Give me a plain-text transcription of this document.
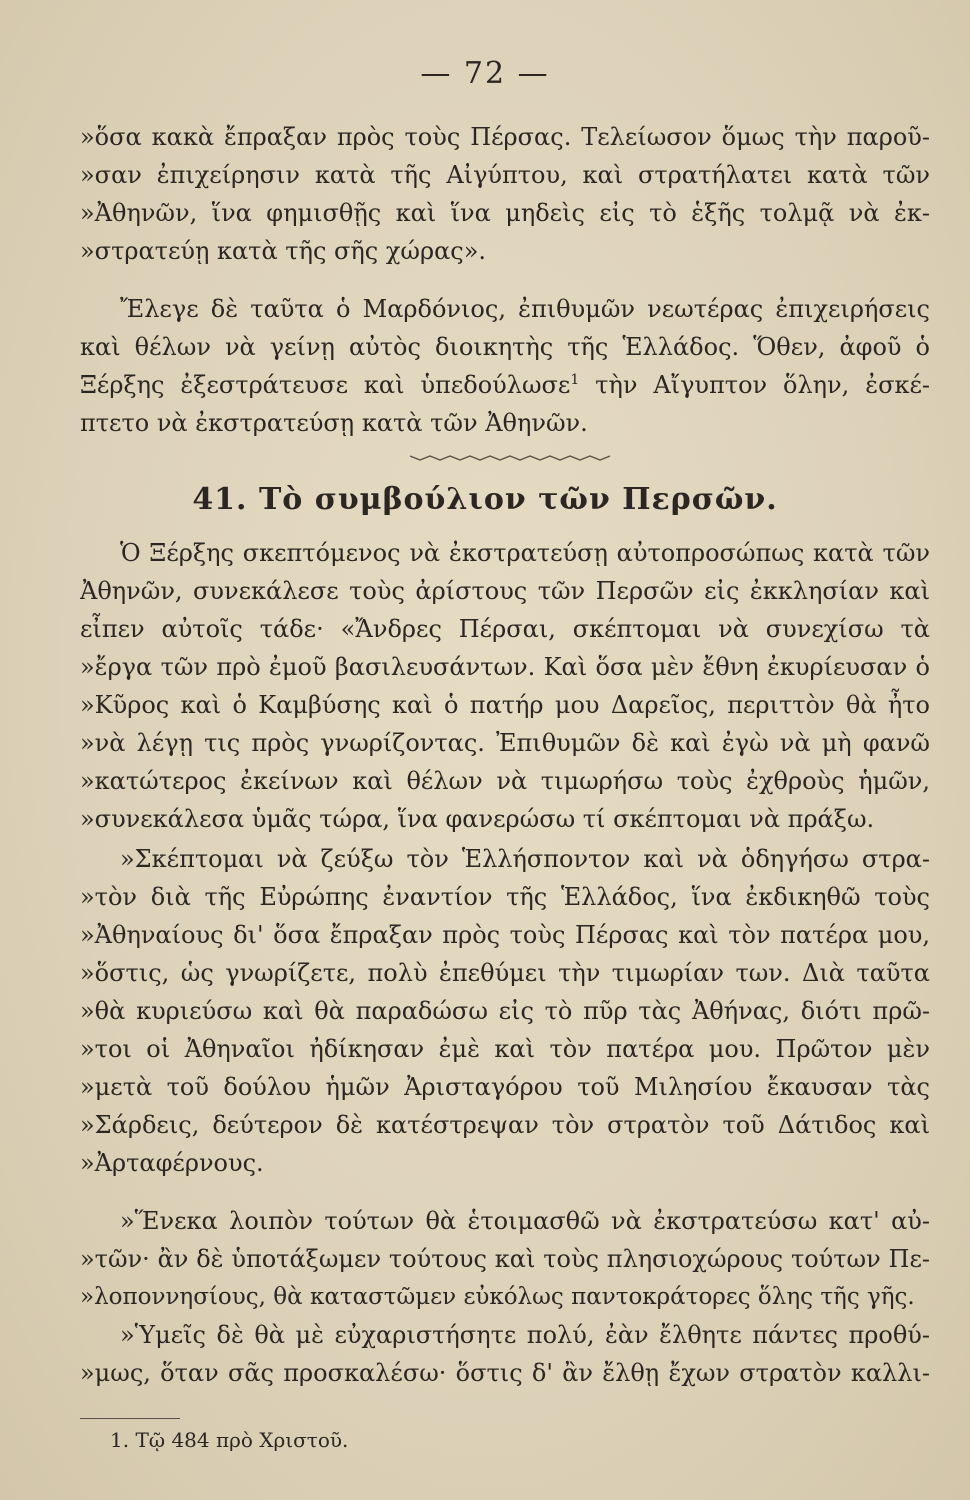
— 72 —
»ὅσα κακὰ ἔπραξαν πρὸς τοὺς Πέρσας. Τελείωσον ὅμως τὴν παροῦ-
»σαν ἐπιχείρησιν κατὰ τῆς Αἰγύπτου, καὶ στρατήλατει κατὰ τῶν
»Ἀθηνῶν, ἵνα φημισθῇς καὶ ἵνα μηδεὶς εἰς τὸ ἑξῆς τολμᾷ νὰ ἐκ-
»στρατεύῃ κατὰ τῆς σῆς χώρας».
Ἔλεγε δὲ ταῦτα ὁ Μαρδόνιος, ἐπιθυμῶν νεωτέρας ἐπιχειρήσεις
καὶ θέλων νὰ γείνῃ αὐτὸς διοικητὴς τῆς Ἑλλάδος. Ὅθεν, ἀφοῦ ὁ
Ξέρξης ἐξεστράτευσε καὶ ὑπεδούλωσε$^1$ τὴν Αἴγυπτον ὅλην, ἐσκέ-
πτετο νὰ ἐκστρατεύσῃ κατὰ τῶν Ἀθηνῶν.
41. Τὸ συμβούλιον τῶν Περσῶν.
Ὁ Ξέρξης σκεπτόμενος νὰ ἐκστρατεύσῃ αὐτοπροσώπως κατὰ τῶν
Ἀθηνῶν, συνεκάλεσε τοὺς ἀρίστους τῶν Περσῶν εἰς ἐκκλησίαν καὶ
εἶπεν αὐτοῖς τάδε· «Ἄνδρες Πέρσαι, σκέπτομαι νὰ συνεχίσω τὰ
»ἔργα τῶν πρὸ ἐμοῦ βασιλευσάντων. Καὶ ὅσα μὲν ἔθνη ἐκυρίευσαν ὁ
»Κῦρος καὶ ὁ Καμβύσης καὶ ὁ πατήρ μου Δαρεῖος, περιττὸν θὰ ἦτο
»νὰ λέγῃ τις πρὸς γνωρίζοντας. Ἐπιθυμῶν δὲ καὶ ἐγὼ νὰ μὴ φανῶ
»κατώτερος ἐκείνων καὶ θέλων νὰ τιμωρήσω τοὺς ἐχθροὺς ἡμῶν,
»συνεκάλεσα ὑμᾶς τώρα, ἵνα φανερώσω τί σκέπτομαι νὰ πράξω.
»Σκέπτομαι νὰ ζεύξω τὸν Ἑλλήσποντον καὶ νὰ ὁδηγήσω στρα-
»τὸν διὰ τῆς Εὐρώπης ἐναντίον τῆς Ἑλλάδος, ἵνα ἐκδικηθῶ τοὺς
»Ἀθηναίους δι' ὅσα ἔπραξαν πρὸς τοὺς Πέρσας καὶ τὸν πατέρα μου,
»ὅστις, ὡς γνωρίζετε, πολὺ ἐπεθύμει τὴν τιμωρίαν των. Διὰ ταῦτα
»θὰ κυριεύσω καὶ θὰ παραδώσω εἰς τὸ πῦρ τὰς Ἀθήνας, διότι πρῶ-
»τοι οἱ Ἀθηναῖοι ἠδίκησαν ἐμὲ καὶ τὸν πατέρα μου. Πρῶτον μὲν
»μετὰ τοῦ δούλου ἡμῶν Ἀρισταγόρου τοῦ Μιλησίου ἔκαυσαν τὰς
»Σάρδεις, δεύτερον δὲ κατέστρεψαν τὸν στρατὸν τοῦ Δάτιδος καὶ
»Ἀρταφέρνους.
»Ἕνεκα λοιπὸν τούτων θὰ ἑτοιμασθῶ νὰ ἐκστρατεύσω κατ' αὐ-
»τῶν· ἂν δὲ ὑποτάξωμεν τούτους καὶ τοὺς πλησιοχώρους τούτων Πε-
»λοποννησίους, θὰ καταστῶμεν εὐκόλως παντοκράτορες ὅλης τῆς γῆς.
»Ὑμεῖς δὲ θὰ μὲ εὐχαριστήσητε πολύ, ἐὰν ἔλθητε πάντες προθύ-
»μως, ὅταν σᾶς προσκαλέσω· ὅστις δ' ἂν ἔλθῃ ἔχων στρατὸν καλλι-
1. Τῷ 484 πρὸ Χριστοῦ.
